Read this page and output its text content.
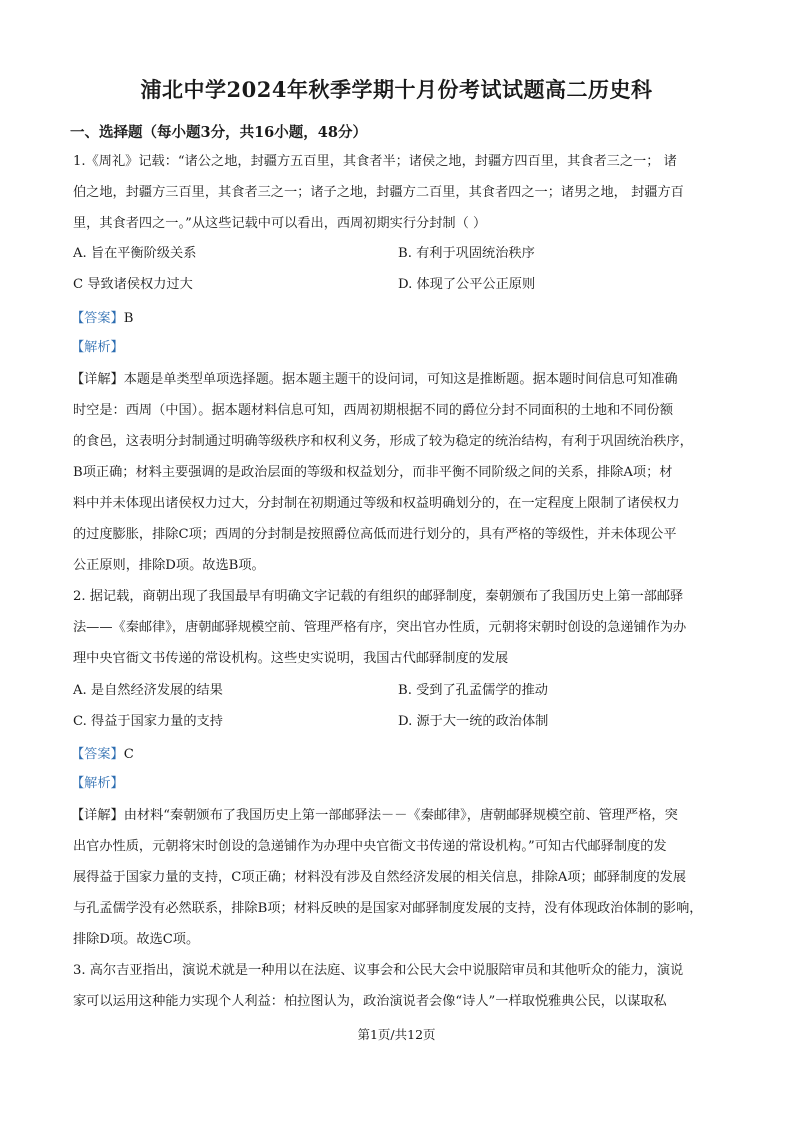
浦北中学2024年秋季学期十月份考试试题高二历史科
一、选择题（每小题3分，共16小题，48分）
1.《周礼》记载：“诸公之地，封疆方五百里，其食者半；诸侯之地，封疆方四百里，其食者三之一； 诸
伯之地，封疆方三百里，其食者三之一；诸子之地，封疆方二百里，其食者四之一；诸男之地， 封疆方百
里，其食者四之一。”从这些记载中可以看出，西周初期实行分封制（ ）
A. 旨在平衡阶级关系	B. 有利于巩固统治秩序
C 导致诸侯权力过大	D. 体现了公平公正原则
【答案】B
【解析】
【详解】本题是单类型单项选择题。据本题主题干的设问词，可知这是推断题。据本题时间信息可知准确
时空是：西周（中国）。据本题材料信息可知，西周初期根据不同的爵位分封不同面积的土地和不同份额
的食邑，这表明分封制通过明确等级秩序和权利义务，形成了较为稳定的统治结构，有利于巩固统治秩序，
B项正确；材料主要强调的是政治层面的等级和权益划分，而非平衡不同阶级之间的关系，排除A项；材
料中并未体现出诸侯权力过大，分封制在初期通过等级和权益明确划分的，在一定程度上限制了诸侯权力
的过度膨胀，排除C项；西周的分封制是按照爵位高低而进行划分的，具有严格的等级性，并未体现公平
公正原则，排除D项。故选B项。
2. 据记载，商朝出现了我国最早有明确文字记载的有组织的邮驿制度，秦朝颁布了我国历史上第一部邮驿
法——《秦邮律》，唐朝邮驿规模空前、管理严格有序，突出官办性质，元朝将宋朝时创设的急递铺作为办
理中央官衙文书传递的常设机构。这些史实说明，我国古代邮驿制度的发展
A. 是自然经济发展的结果	B. 受到了孔孟儒学的推动
C. 得益于国家力量的支持	D. 源于大一统的政治体制
【答案】C
【解析】
【详解】由材料“秦朝颁布了我国历史上第一部邮驿法－－《秦邮律》，唐朝邮驿规模空前、管理严格，突
出官办性质，元朝将宋时创设的急递铺作为办理中央官衙文书传递的常设机构。”可知古代邮驿制度的发
展得益于国家力量的支持，C项正确；材料没有涉及自然经济发展的相关信息，排除A项；邮驿制度的发展
与孔孟儒学没有必然联系，排除B项；材料反映的是国家对邮驿制度发展的支持，没有体现政治体制的影响，
排除D项。故选C项。
3. 高尔吉亚指出，演说术就是一种用以在法庭、议事会和公民大会中说服陪审员和其他听众的能力，演说
家可以运用这种能力实现个人利益：柏拉图认为，政治演说者会像“诗人”一样取悦雅典公民，以谋取私
第1页/共12页
